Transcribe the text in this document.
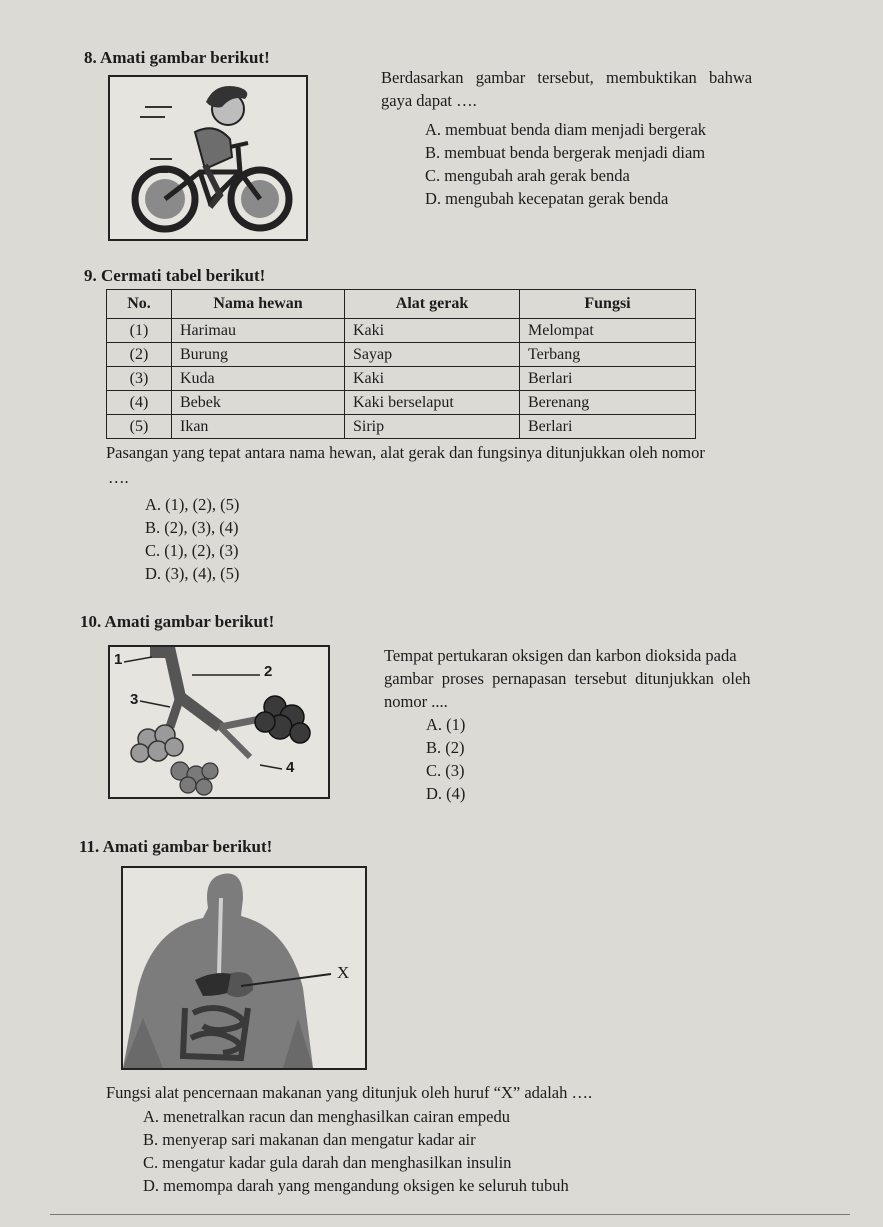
8. Amati gambar berikut!
Berdasarkan  gambar  tersebut,  membuktikan  bahwa
gaya dapat ….
A. membuat benda diam menjadi bergerak
B. membuat benda bergerak menjadi diam
C. mengubah arah gerak benda
D. mengubah kecepatan gerak benda
9. Cermati tabel berikut!
No.	Nama hewan	Alat gerak	Fungsi
(1)	Harimau	Kaki	Melompat
(2)	Burung	Sayap	Terbang
(3)	Kuda	Kaki	Berlari
(4)	Bebek	Kaki berselaput	Berenang
(5)	Ikan	Sirip	Berlari
Pasangan yang tepat antara nama hewan, alat gerak dan fungsinya ditunjukkan oleh nomor
….
A. (1), (2), (5)
B. (2), (3), (4)
C. (1), (2), (3)
D. (3), (4), (5)
10. Amati gambar berikut!
1
2
3
4
Tempat pertukaran oksigen dan karbon dioksida pada
gambar  proses  pernapasan  tersebut  ditunjukkan  oleh
nomor ....
A. (1)
B. (2)
C. (3)
D. (4)
11. Amati gambar berikut!
X
Fungsi alat pencernaan makanan yang ditunjuk oleh huruf “X” adalah ….
A. menetralkan racun dan menghasilkan cairan empedu
B. menyerap sari makanan dan mengatur kadar air
C. mengatur kadar gula darah dan menghasilkan insulin
D. memompa darah yang mengandung oksigen ke seluruh tubuh
